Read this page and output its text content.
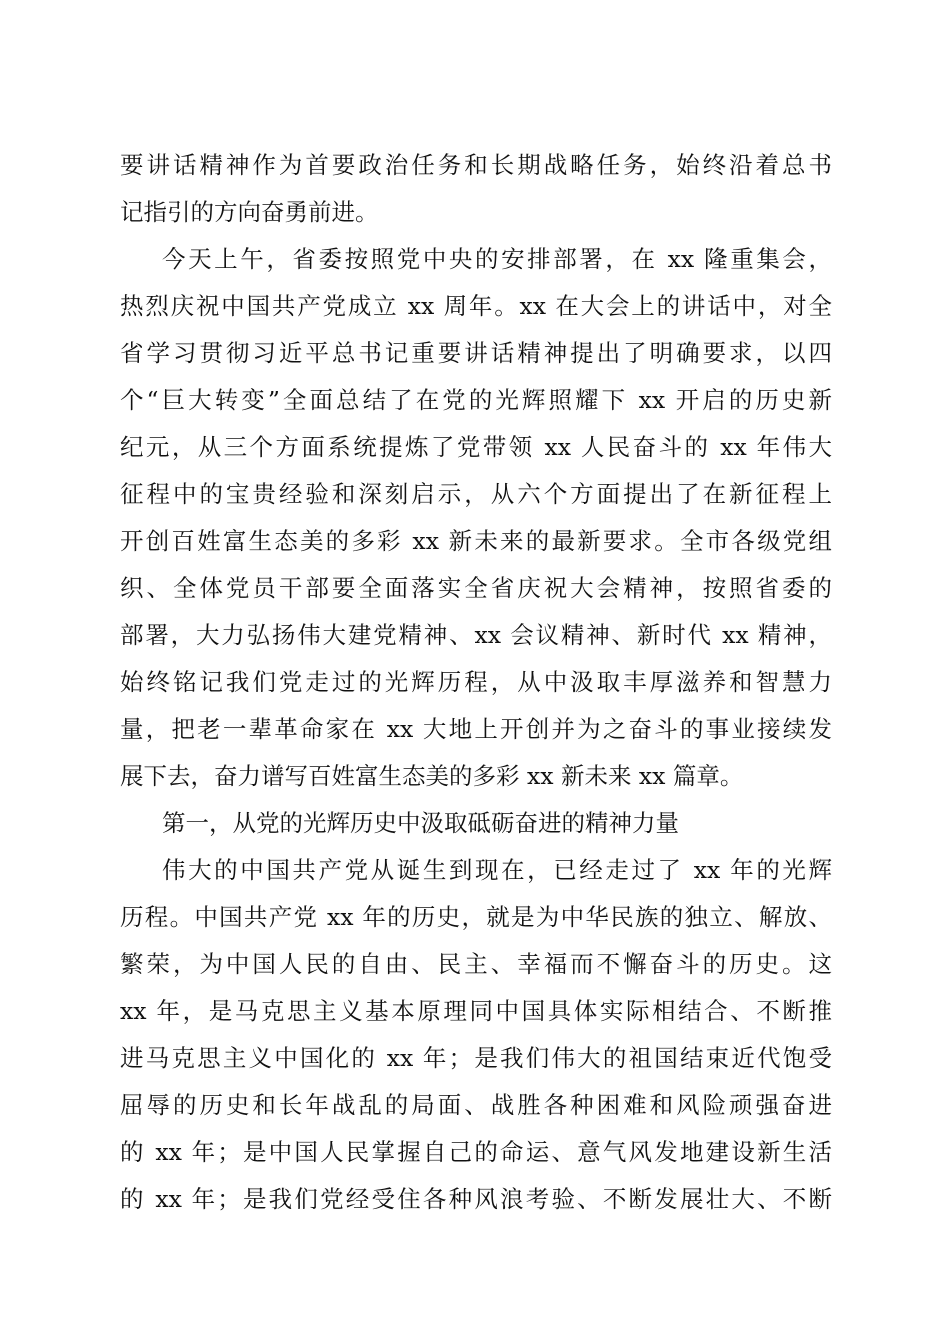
要讲话精神作为首要政治任务和长期战略任务，始终沿着总书
记指引的方向奋勇前进。
今天上午，省委按照党中央的安排部署，在 xx 隆重集会，
热烈庆祝中国共产党成立 xx 周年。xx 在大会上的讲话中，对全
省学习贯彻习近平总书记重要讲话精神提出了明确要求，以四
个“巨大转变”全面总结了在党的光辉照耀下 xx 开启的历史新
纪元，从三个方面系统提炼了党带领 xx 人民奋斗的 xx 年伟大
征程中的宝贵经验和深刻启示，从六个方面提出了在新征程上
开创百姓富生态美的多彩 xx 新未来的最新要求。全市各级党组
织、全体党员干部要全面落实全省庆祝大会精神，按照省委的
部署，大力弘扬伟大建党精神、xx 会议精神、新时代 xx 精神，
始终铭记我们党走过的光辉历程，从中汲取丰厚滋养和智慧力
量，把老一辈革命家在 xx 大地上开创并为之奋斗的事业接续发
展下去，奋力谱写百姓富生态美的多彩 xx 新未来 xx 篇章。
第一，从党的光辉历史中汲取砥砺奋进的精神力量
伟大的中国共产党从诞生到现在，已经走过了 xx 年的光辉
历程。中国共产党 xx 年的历史，就是为中华民族的独立、解放、
繁荣，为中国人民的自由、民主、幸福而不懈奋斗的历史。这
xx 年，是马克思主义基本原理同中国具体实际相结合、不断推
进马克思主义中国化的 xx 年；是我们伟大的祖国结束近代饱受
屈辱的历史和长年战乱的局面、战胜各种困难和风险顽强奋进
的 xx 年；是中国人民掌握自己的命运、意气风发地建设新生活
的 xx 年；是我们党经受住各种风浪考验、不断发展壮大、不断
